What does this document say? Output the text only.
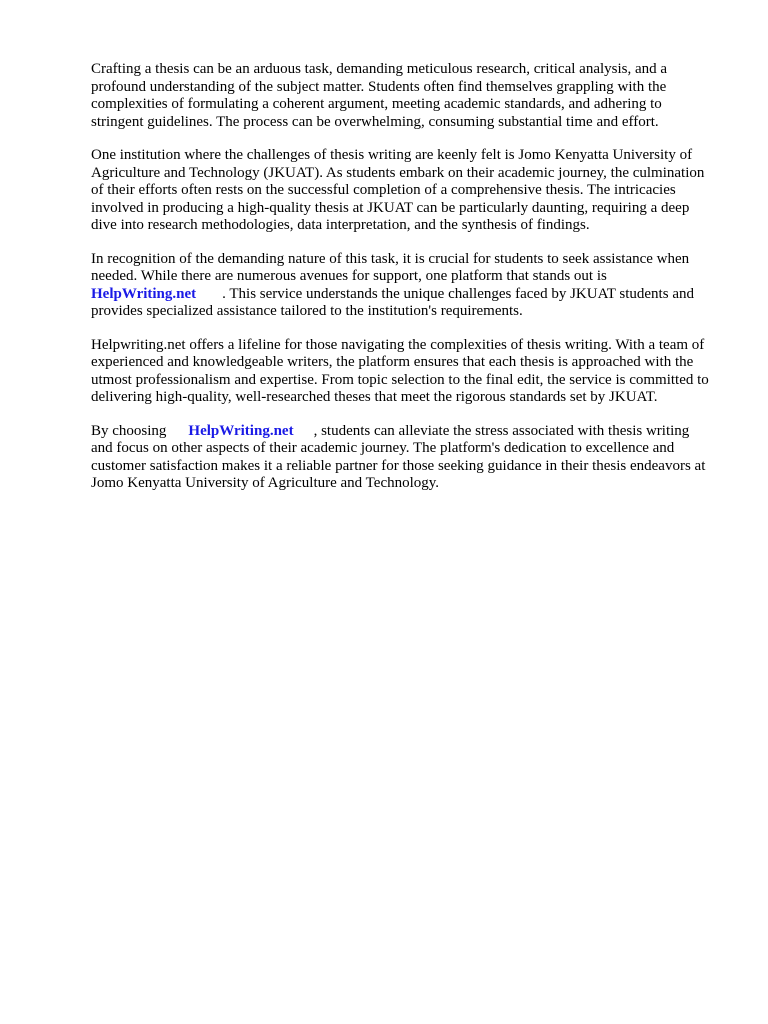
Crafting a thesis can be an arduous task, demanding meticulous research, critical analysis, and a profound understanding of the subject matter. Students often find themselves grappling with the complexities of formulating a coherent argument, meeting academic standards, and adhering to stringent guidelines. The process can be overwhelming, consuming substantial time and effort.

One institution where the challenges of thesis writing are keenly felt is Jomo Kenyatta University of Agriculture and Technology (JKUAT). As students embark on their academic journey, the culmination of their efforts often rests on the successful completion of a comprehensive thesis. The intricacies involved in producing a high-quality thesis at JKUAT can be particularly daunting, requiring a deep dive into research methodologies, data interpretation, and the synthesis of findings.

In recognition of the demanding nature of this task, it is crucial for students to seek assistance when needed. While there are numerous avenues for support, one platform that stands out is HelpWriting.net . This service understands the unique challenges faced by JKUAT students and provides specialized assistance tailored to the institution's requirements.

Helpwriting.net offers a lifeline for those navigating the complexities of thesis writing. With a team of experienced and knowledgeable writers, the platform ensures that each thesis is approached with the utmost professionalism and expertise. From topic selection to the final edit, the service is committed to delivering high-quality, well-researched theses that meet the rigorous standards set by JKUAT.

By choosing HelpWriting.net , students can alleviate the stress associated with thesis writing and focus on other aspects of their academic journey. The platform's dedication to excellence and customer satisfaction makes it a reliable partner for those seeking guidance in their thesis endeavors at Jomo Kenyatta University of Agriculture and Technology.
